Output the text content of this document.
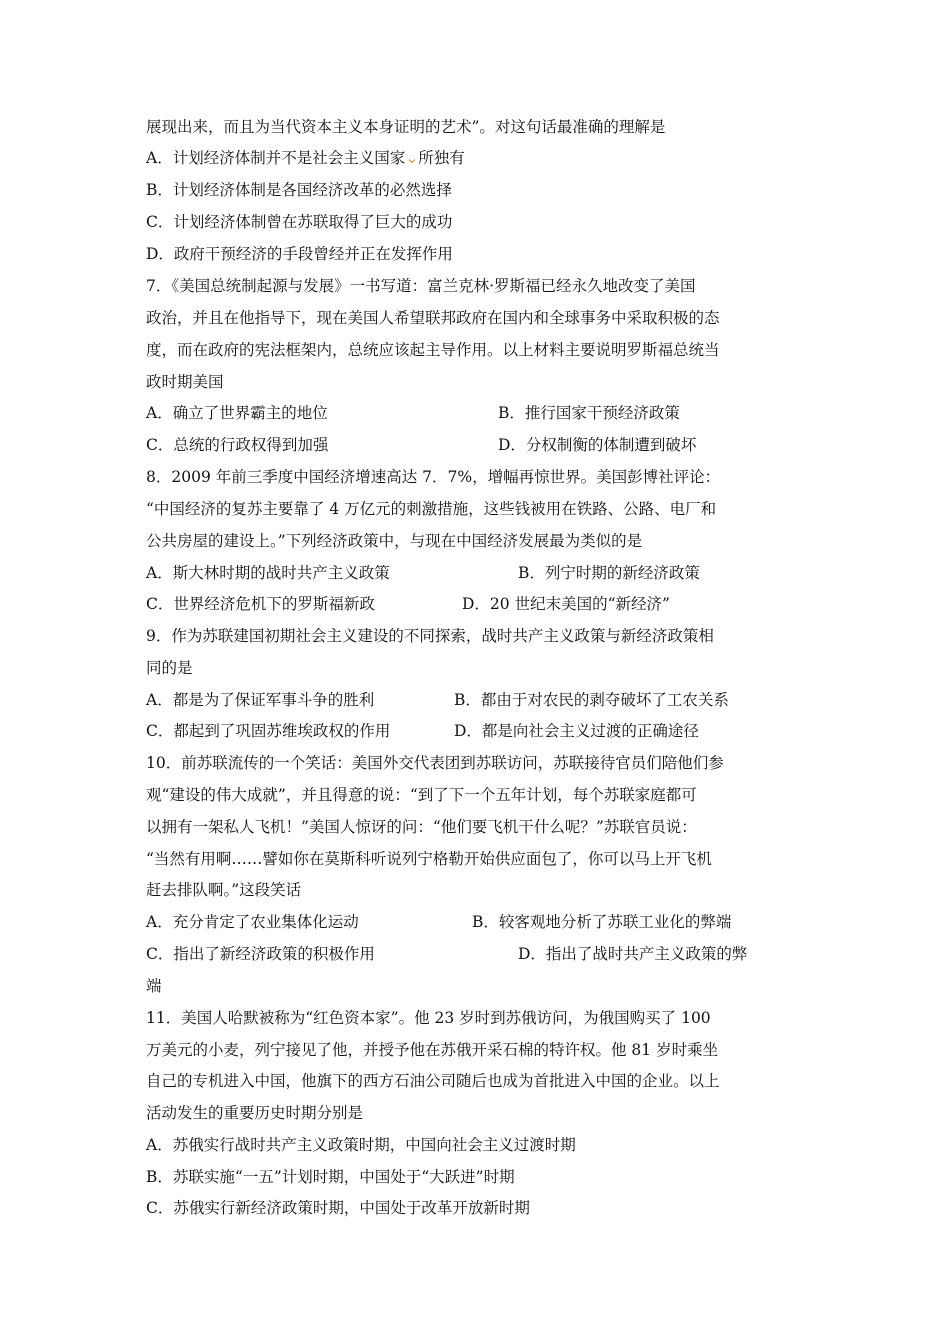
展现出来，而且为当代资本主义本身证明的艺术”。对这句话最准确的理解是
A．计划经济体制并不是社会主义国家⌄所独有
B．计划经济体制是各国经济改革的必然选择
C．计划经济体制曾在苏联取得了巨大的成功
D．政府干预经济的手段曾经并正在发挥作用
7．《美国总统制起源与发展》一书写道：富兰克林·罗斯福已经永久地改变了美国
政治，并且在他指导下，现在美国人希望联邦政府在国内和全球事务中采取积极的态
度，而在政府的宪法框架内，总统应该起主导作用。以上材料主要说明罗斯福总统当
政时期美国
A．确立了世界霸主的地位	B．推行国家干预经济政策
C．总统的行政权得到加强	D．分权制衡的体制遭到破坏
8．2009 年前三季度中国经济增速高达 7．7%，增幅再惊世界。美国彭博社评论：
“中国经济的复苏主要靠了 4 万亿元的刺激措施，这些钱被用在铁路、公路、电厂和
公共房屋的建设上。”下列经济政策中，与现在中国经济发展最为类似的是
A．斯大林时期的战时共产主义政策	B．列宁时期的新经济政策
C．世界经济危机下的罗斯福新政	D．20 世纪末美国的“新经济”
9．作为苏联建国初期社会主义建设的不同探索，战时共产主义政策与新经济政策相
同的是
A．都是为了保证军事斗争的胜利	B．都由于对农民的剥夺破坏了工农关系
C．都起到了巩固苏维埃政权的作用	D．都是向社会主义过渡的正确途径
10．前苏联流传的一个笑话：美国外交代表团到苏联访问，苏联接待官员们陪他们参
观“建设的伟大成就”，并且得意的说：“到了下一个五年计划，每个苏联家庭都可
以拥有一架私人飞机！”美国人惊讶的问：“他们要飞机干什么呢？”苏联官员说：
“当然有用啊……譬如你在莫斯科听说列宁格勒开始供应面包了，你可以马上开飞机
赶去排队啊。”这段笑话
A．充分肯定了农业集体化运动	B．较客观地分析了苏联工业化的弊端
C．指出了新经济政策的积极作用	D．指出了战时共产主义政策的弊
端
11．美国人哈默被称为“红色资本家”。他 23 岁时到苏俄访问，为俄国购买了 100
万美元的小麦，列宁接见了他，并授予他在苏俄开采石棉的特许权。他 81 岁时乘坐
自己的专机进入中国，他旗下的西方石油公司随后也成为首批进入中国的企业。以上
活动发生的重要历史时期分别是
A．苏俄实行战时共产主义政策时期，中国向社会主义过渡时期
B．苏联实施“一五”计划时期，中国处于“大跃进”时期
C．苏俄实行新经济政策时期，中国处于改革开放新时期
